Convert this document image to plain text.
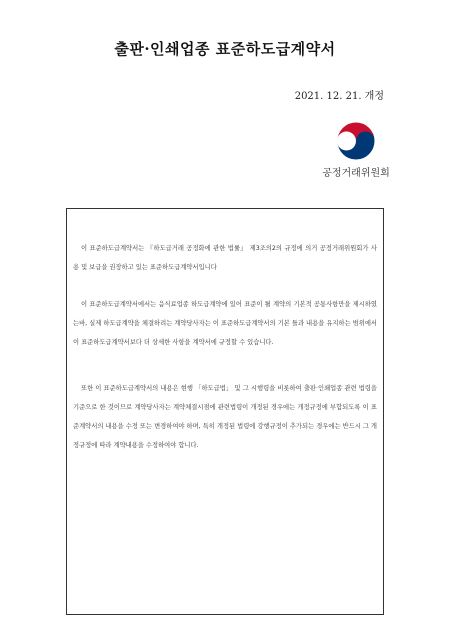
출판·인쇄업종 표준하도급계약서
2021. 12. 21. 개정
공정거래위원회

이 표준하도급계약서는 『하도급거래 공정화에 관한 법률』 제3조의2의 규정에 의거 공정거래위원회가 사용 및 보급을 권장하고 있는 표준하도급계약서입니다

이 표준하도급계약서에서는 음식료업종 하도급계약에 있어 표준이 될 계약의 기본적 공통사항만을 제시하였는바, 실제 하도급계약을 체결하려는 계약당사자는 이 표준하도급계약서의 기본 틀과 내용을 유지하는 범위에서 이 표준하도급계약서보다 더 상세한 사항을 계약서에 규정할 수 있습니다.

또한 이 표준하도급계약서의 내용은 현행 「하도급법」 및 그 시행령을 비롯하여 출판·인쇄업종 관련 법령을 기준으로 한 것이므로 계약당사자는 계약체결시점에 관련법령이 개정된 경우에는 개정규정에 부합되도록 이 표준계약서의 내용을 수정 또는 변경하여야 하며, 특히 개정된 법령에 강행규정이 추가되는 경우에는 반드시 그 개정규정에 따라 계약내용을 수정하여야 합니다.
